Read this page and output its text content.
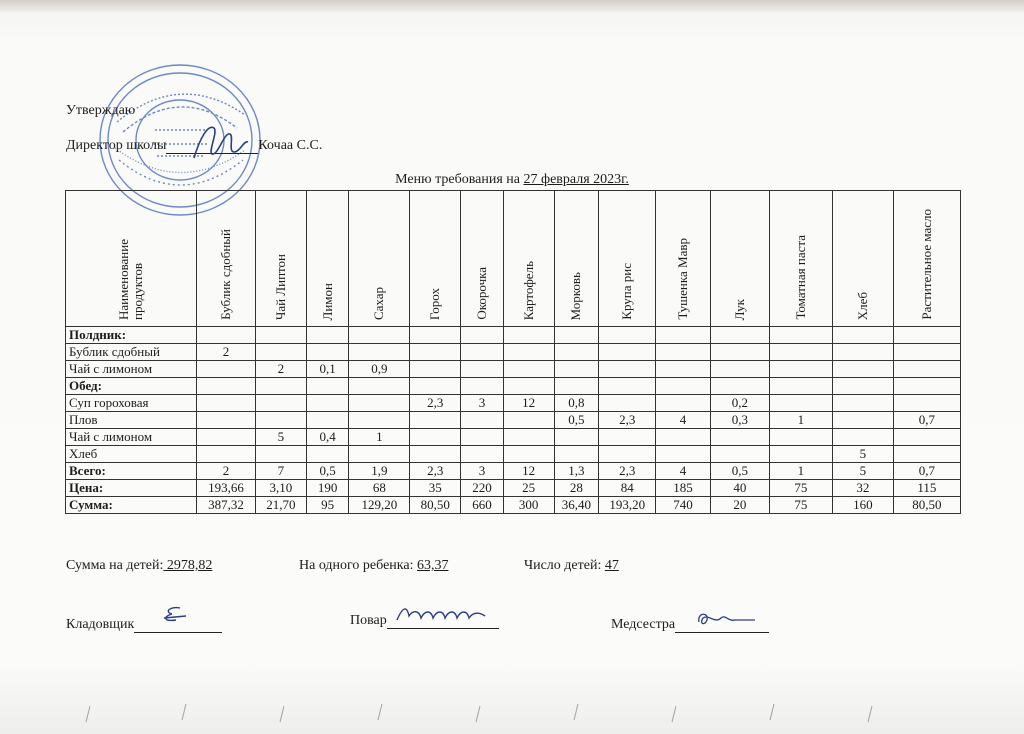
Утверждаю
Директор школы	Кочаа С.С.
Меню требования на 27 февраля 2023г.
Наименование продуктов	Бублик сдобный	Чай Липтон	Лимон	Сахар	Горох	Окорочка	Картофель	Морковь	Крупа рис	Тушенка Мавр	Лук	Томатная паста	Хлеб	Растительное масло

Полдник:														
Бублик сдобный	2													
Чай с лимоном		2	0,1	0,9										
Обед:														
Суп гороховая					2,3	3	12	0,8			0,2			
Плов								0,5	2,3	4	0,3	1		0,7
Чай с лимоном		5	0,4	1										
Хлеб													5	
Всего:	2	7	0,5	1,9	2,3	3	12	1,3	2,3	4	0,5	1	5	0,7
Цена:	193,66	3,10	190	68	35	220	25	28	84	185	40	75	32	115
Сумма:	387,32	21,70	95	129,20	80,50	660	300	36,40	193,20	740	20	75	160	80,50
Сумма на детей: 2978,82	На одного ребенка: 63,37	Число детей: 47
Кладовщик	Повар	Медсестра
